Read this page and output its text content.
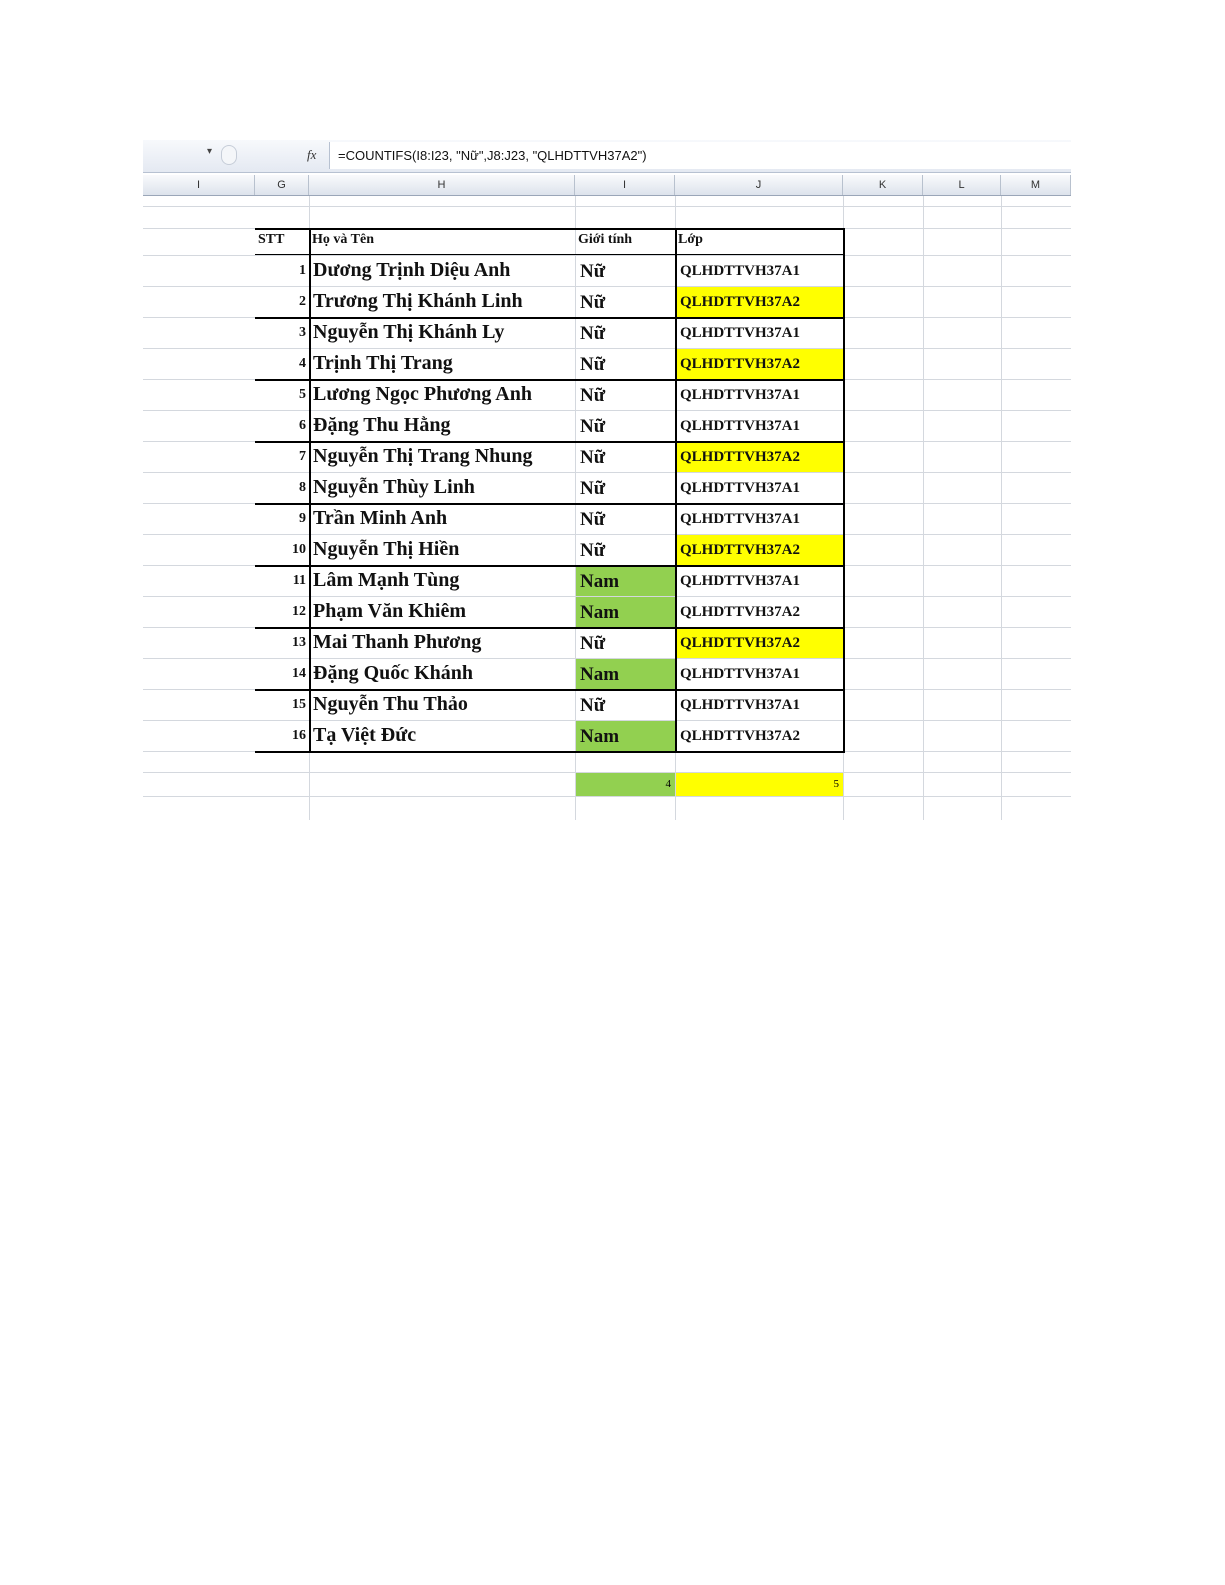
▾	fx	=COUNTIFS(I8:I23, "Nữ",J8:J23, "QLHDTTVH37A2")
I	G	H	I	J	K	L	M
STT	Họ và Tên	Giới tính	Lớp
1 Dương Trịnh Diệu Anh	Nữ	QLHDTTVH37A1
2 Trương Thị Khánh Linh	Nữ	QLHDTTVH37A2
3 Nguyễn Thị Khánh Ly	Nữ	QLHDTTVH37A1
4 Trịnh Thị Trang	Nữ	QLHDTTVH37A2
5 Lương Ngọc Phương Anh	Nữ	QLHDTTVH37A1
6 Đặng Thu Hằng	Nữ	QLHDTTVH37A1
7 Nguyễn Thị Trang Nhung	Nữ	QLHDTTVH37A2
8 Nguyễn Thùy Linh	Nữ	QLHDTTVH37A1
9 Trần Minh Anh	Nữ	QLHDTTVH37A1
10 Nguyễn Thị Hiền	Nữ	QLHDTTVH37A2
11 Lâm Mạnh Tùng	Nam	QLHDTTVH37A1
12 Phạm Văn Khiêm	Nam	QLHDTTVH37A2
13 Mai Thanh Phương	Nữ	QLHDTTVH37A2
14 Đặng Quốc Khánh	Nam	QLHDTTVH37A1
15 Nguyễn Thu Thảo	Nữ	QLHDTTVH37A1
16 Tạ Việt Đức	Nam	QLHDTTVH37A2
4	5
